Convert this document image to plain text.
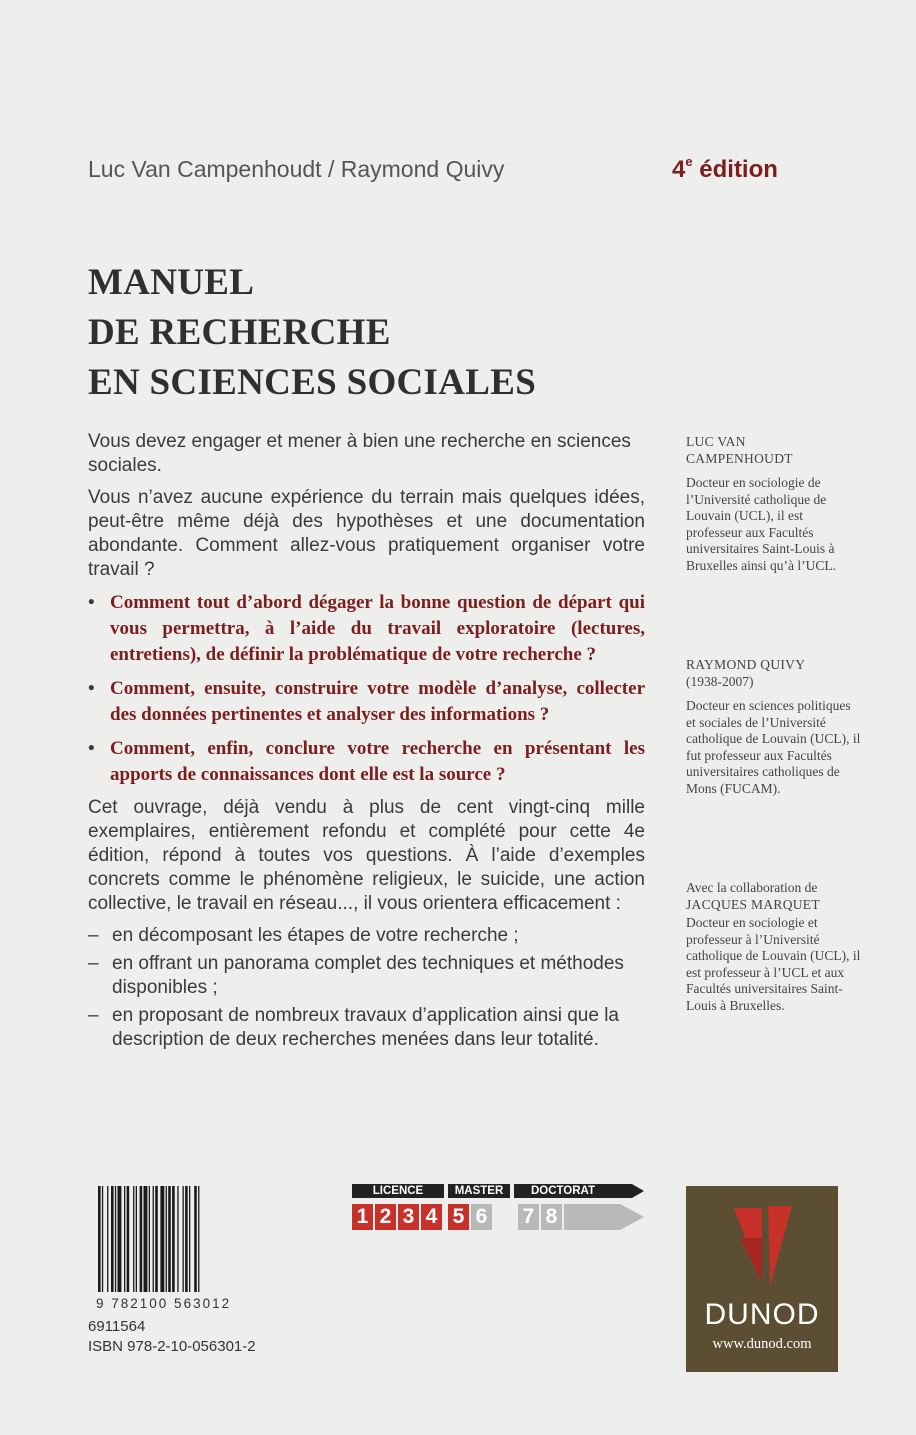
Luc Van Campenhoudt / Raymond Quivy	4e édition
MANUEL
DE RECHERCHE
EN SCIENCES SOCIALES

Vous devez engager et mener à bien une recherche en sciences sociales.

Vous n’avez aucune expérience du terrain mais quelques idées, peut-être même déjà des hypothèses et une documentation abondante. Comment allez-vous pratiquement organiser votre travail ?

• Comment tout d’abord dégager la bonne question de départ qui vous permettra, à l’aide du travail exploratoire (lectures, entretiens), de définir la problématique de votre recherche ?
• Comment, ensuite, construire votre modèle d’analyse, collecter des données pertinentes et analyser des informations ?
• Comment, enfin, conclure votre recherche en présentant les apports de connaissances dont elle est la source ?

Cet ouvrage, déjà vendu à plus de cent vingt-cinq mille exemplaires, entièrement refondu et complété pour cette 4e édition, répond à toutes vos questions. À l’aide d’exemples concrets comme le phénomène religieux, le suicide, une action collective, le travail en réseau..., il vous orientera efficacement :

– en décomposant les étapes de votre recherche ;
– en offrant un panorama complet des techniques et méthodes disponibles ;
– en proposant de nombreux travaux d’application ainsi que la description de deux recherches menées dans leur totalité.
LUC VAN
CAMPENHOUDT
Docteur en sociologie de l’Université catholique de Louvain (UCL), il est professeur aux Facultés universitaires Saint-Louis à Bruxelles ainsi qu’à l’UCL.
RAYMOND QUIVY
(1938-2007)
Docteur en sciences politiques et sociales de l’Université catholique de Louvain (UCL), il fut professeur aux Facultés universitaires catholiques de Mons (FUCAM).
Avec la collaboration de
JACQUES MARQUET
Docteur en sociologie et professeur à l’Université catholique de Louvain (UCL), il est professeur à l’UCL et aux Facultés universitaires Saint-Louis à Bruxelles.
9 782100 563012
6911564
ISBN 978-2-10-056301-2
LICENCE	MASTER	DOCTORAT
1 2 3 4 5 6 7 8
DUNOD
www.dunod.com
